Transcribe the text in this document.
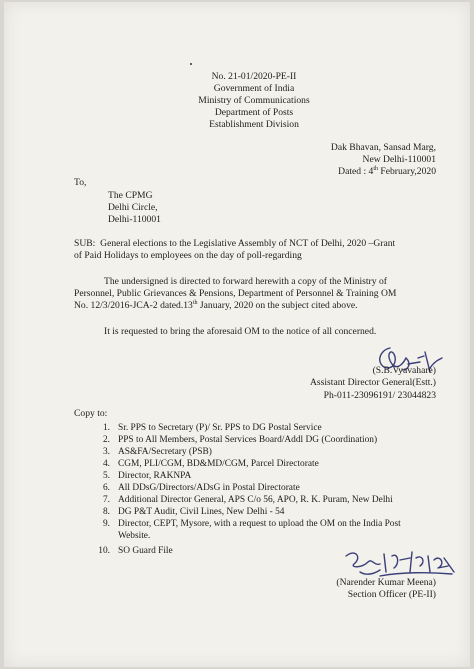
No. 21-01/2020-PE-II
Government of India
Ministry of Communications
Department of Posts
Establishment Division
Dak Bhavan, Sansad Marg,
New Delhi-110001
Dated : 4th February,2020
To,
The CPMG
Delhi Circle,
Delhi-110001
SUB: General elections to the Legislative Assembly of NCT of Delhi, 2020 –Grant
of Paid Holidays to employees on the day of poll-regarding
The undersigned is directed to forward herewith a copy of the Ministry of
Personnel, Public Grievances & Pensions, Department of Personnel & Training OM
No. 12/3/2016-JCA-2 dated.13th January, 2020 on the subject cited above.
It is requested to bring the aforesaid OM to the notice of all concerned.
(S.B.Vyavahare)
Assistant Director General(Estt.)
Ph-011-23096191/ 23044823
Copy to:
1. Sr. PPS to Secretary (P)/ Sr. PPS to DG Postal Service
2. PPS to All Members, Postal Services Board/Addl DG (Coordination)
3. AS&FA/Secretary (PSB)
4. CGM, PLI/CGM, BD&MD/CGM, Parcel Directorate
5. Director, RAKNPA
6. All DDsG/Directors/ADsG in Postal Directorate
7. Additional Director General, APS C/o 56, APO, R. K. Puram, New Delhi
8. DG P&T Audit, Civil Lines, New Delhi - 54
9. Director, CEPT, Mysore, with a request to upload the OM on the India Post
Website.
10. SO Guard File
(Narender Kumar Meena)
Section Officer (PE-II)
